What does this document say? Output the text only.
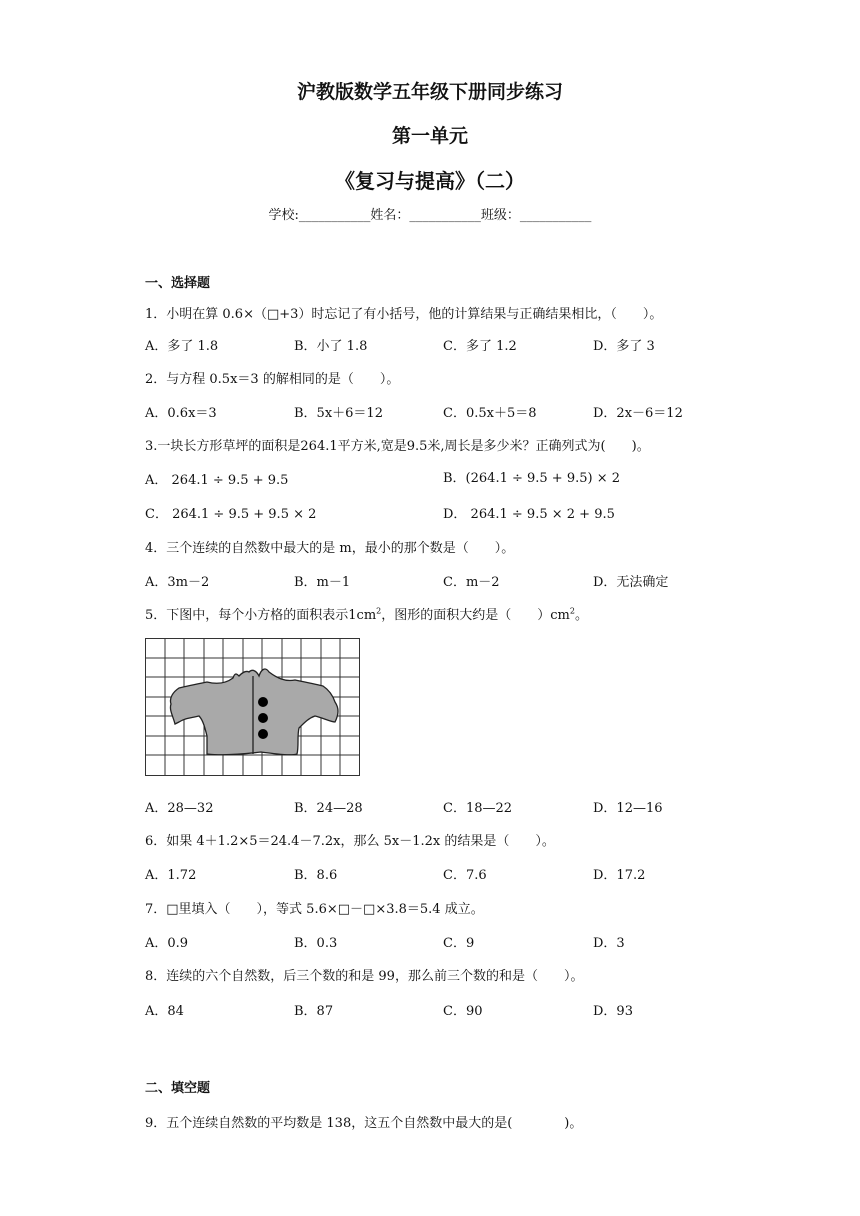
沪教版数学五年级下册同步练习
第一单元
《复习与提高》（二）
学校:___________姓名：___________班级：___________
一、选择题
1．小明在算 0.6×（□+3）时忘记了有小括号，他的计算结果与正确结果相比，（　　）。
A．多了 1.8	B．小了 1.8	C．多了 1.2	D．多了 3
2．与方程 0.5x＝3 的解相同的是（　　）。
A．0.6x＝3	B．5x＋6＝12	C．0.5x＋5＝8	D．2x－6＝12
3.一块长方形草坪的面积是264.1平方米,宽是9.5米,周长是多少米？正确列式为(　　)。
A． 264.1 ÷ 9.5 + 9.5	B．(264.1 ÷ 9.5 + 9.5) × 2
C． 264.1 ÷ 9.5 + 9.5 × 2	D． 264.1 ÷ 9.5 × 2 + 9.5
4．三个连续的自然数中最大的是 m，最小的那个数是（　　）。
A．3m－2	B．m－1	C．m－2	D．无法确定
5．下图中，每个小方格的面积表示$1cm^2$，图形的面积大约是（　　）$cm^2$。
A．28—32	B．24—28	C．18—22	D．12—16
6．如果 4＋1.2×5＝24.4－7.2x，那么 5x－1.2x 的结果是（　　）。
A．1.72	B．8.6	C．7.6	D．17.2
7．□里填入（　　），等式 5.6×□－□×3.8＝5.4 成立。
A．0.9	B．0.3	C．9	D．3
8．连续的六个自然数，后三个数的和是 99，那么前三个数的和是（　　）。
A．84	B．87	C．90	D．93
二、填空题
9．五个连续自然数的平均数是 138，这五个自然数中最大的是(　　　　)。
